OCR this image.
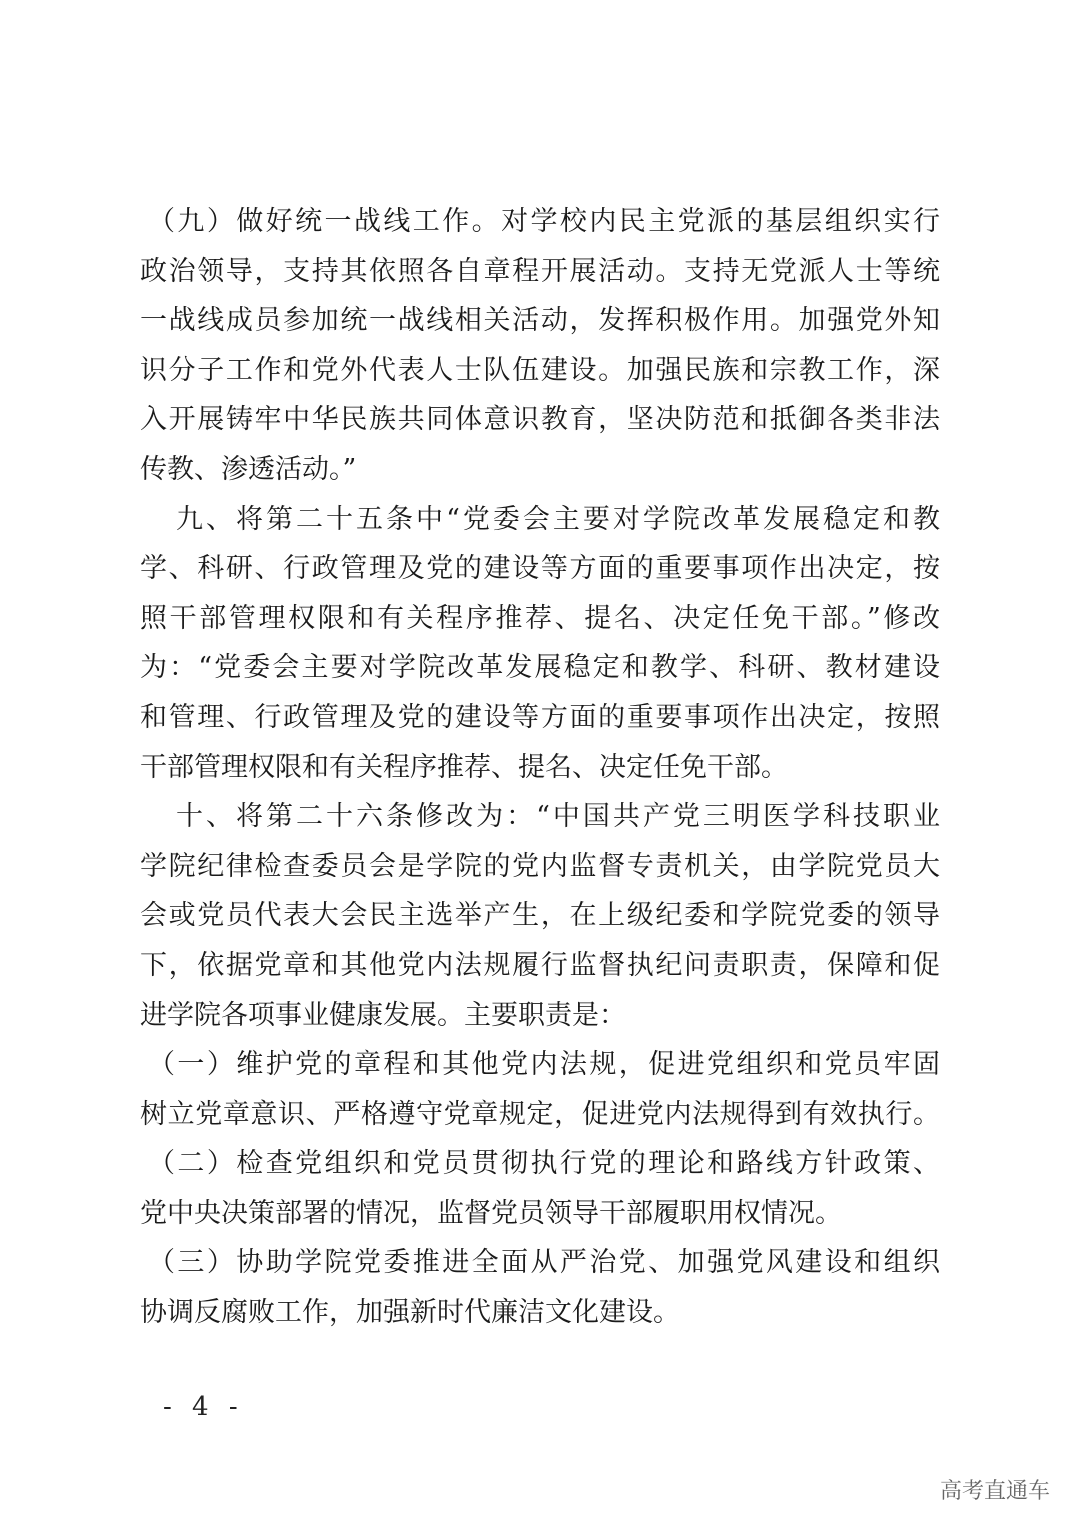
（九）做好统一战线工作。对学校内民主党派的基层组织实行
政治领导，支持其依照各自章程开展活动。支持无党派人士等统
一战线成员参加统一战线相关活动，发挥积极作用。加强党外知
识分子工作和党外代表人士队伍建设。加强民族和宗教工作，深
入开展铸牢中华民族共同体意识教育，坚决防范和抵御各类非法
传教、渗透活动。”
九、将第二十五条中“党委会主要对学院改革发展稳定和教
学、科研、行政管理及党的建设等方面的重要事项作出决定，按
照干部管理权限和有关程序推荐、提名、决定任免干部。”修改
为：“党委会主要对学院改革发展稳定和教学、科研、教材建设
和管理、行政管理及党的建设等方面的重要事项作出决定，按照
干部管理权限和有关程序推荐、提名、决定任免干部。
十、将第二十六条修改为：“中国共产党三明医学科技职业
学院纪律检查委员会是学院的党内监督专责机关，由学院党员大
会或党员代表大会民主选举产生，在上级纪委和学院党委的领导
下，依据党章和其他党内法规履行监督执纪问责职责，保障和促
进学院各项事业健康发展。主要职责是：
（一）维护党的章程和其他党内法规，促进党组织和党员牢固
树立党章意识、严格遵守党章规定，促进党内法规得到有效执行。
（二）检查党组织和党员贯彻执行党的理论和路线方针政策、
党中央决策部署的情况，监督党员领导干部履职用权情况。
（三）协助学院党委推进全面从严治党、加强党风建设和组织
协调反腐败工作，加强新时代廉洁文化建设。
- 4 -
高考直通车
